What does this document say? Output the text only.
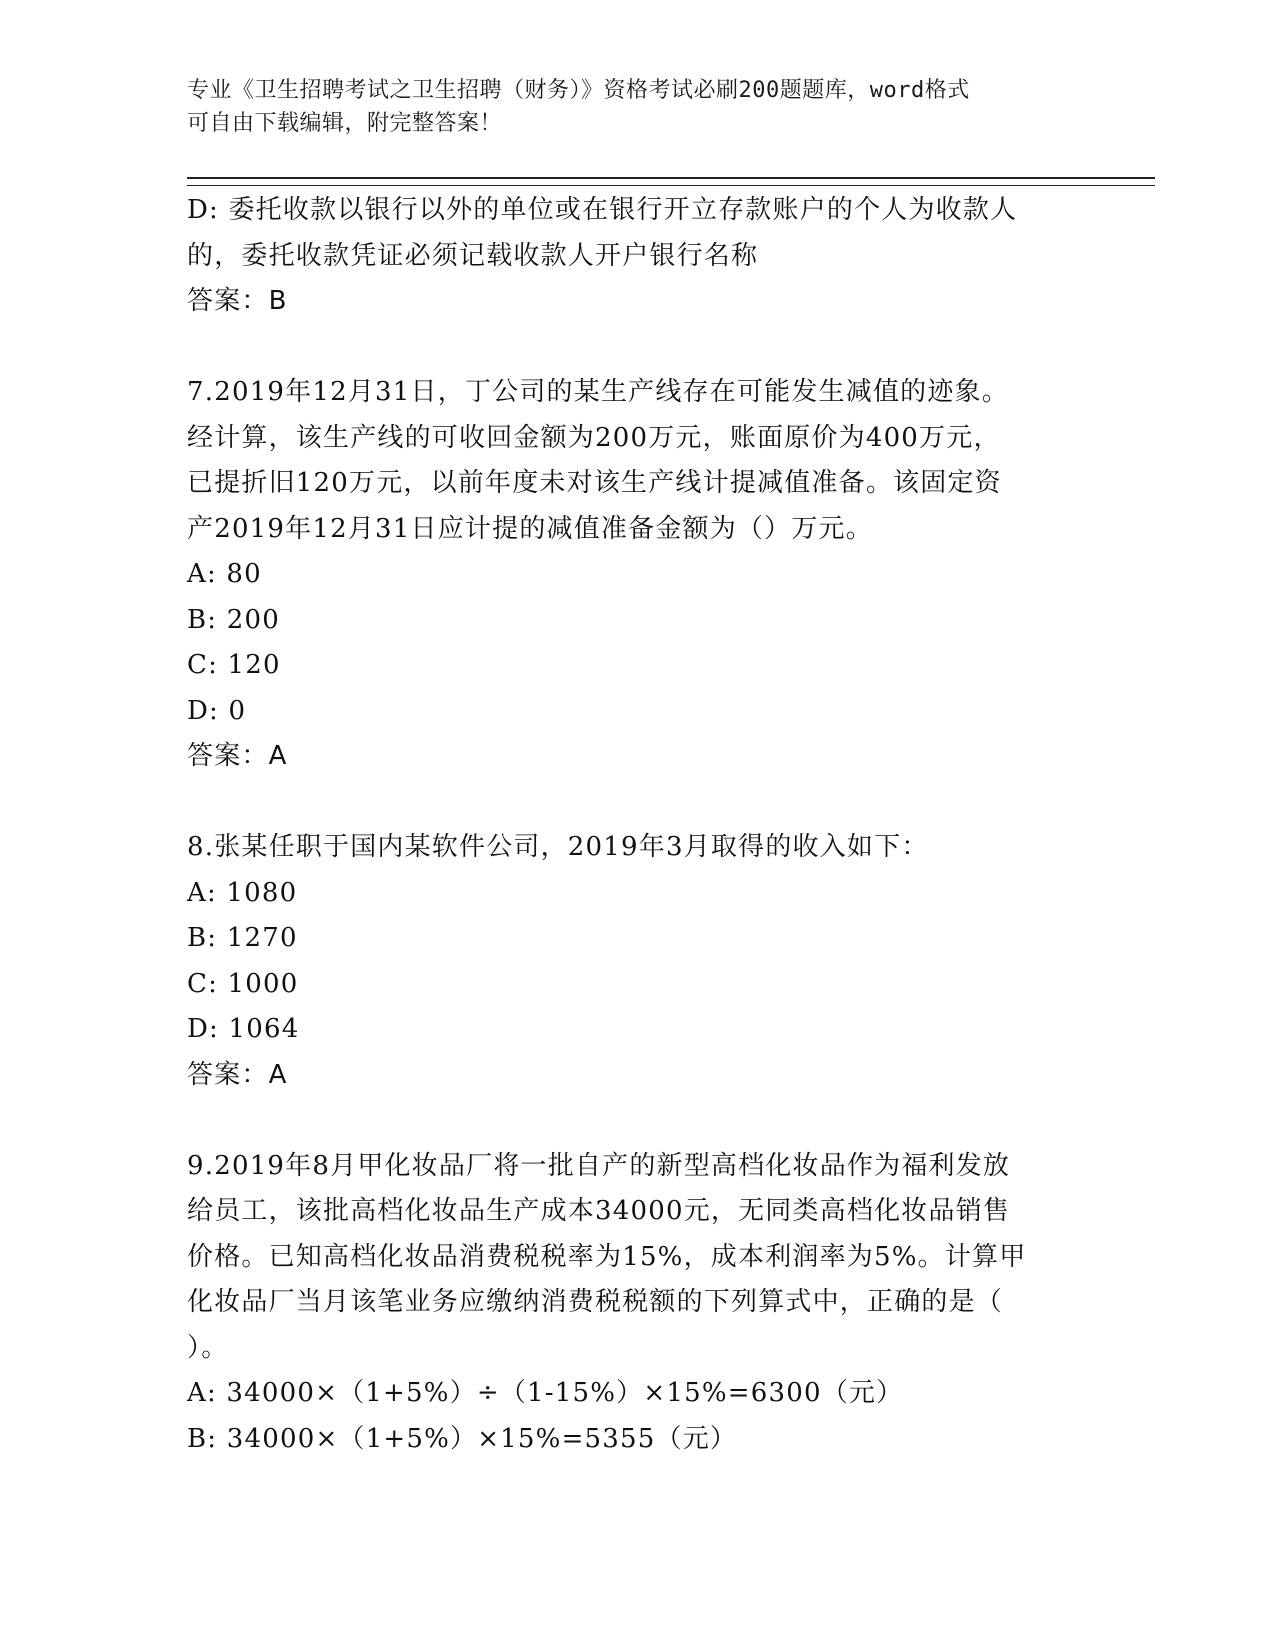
专业《卫生招聘考试之卫生招聘（财务）》资格考试必刷200题题库，word格式
可自由下载编辑，附完整答案！

D: 委托收款以银行以外的单位或在银行开立存款账户的个人为收款人

的，委托收款凭证必须记载收款人开户银行名称

答案：B

7.2019年12月31日，丁公司的某生产线存在可能发生减值的迹象。

经计算，该生产线的可收回金额为200万元，账面原价为400万元，

已提折旧120万元，以前年度未对该生产线计提减值准备。该固定资

产2019年12月31日应计提的减值准备金额为（）万元。

A: 80

B: 200

C: 120

D: 0

答案：A

8.张某任职于国内某软件公司，2019年3月取得的收入如下：

A: 1080

B: 1270

C: 1000

D: 1064

答案：A

9.2019年8月甲化妆品厂将一批自产的新型高档化妆品作为福利发放

给员工，该批高档化妆品生产成本34000元，无同类高档化妆品销售

价格。已知高档化妆品消费税税率为15%，成本利润率为5%。计算甲

化妆品厂当月该笔业务应缴纳消费税税额的下列算式中，正确的是（

）。

A: 34000×（1+5%）÷（1-15%）×15%=6300（元）

B: 34000×（1+5%）×15%=5355（元）
